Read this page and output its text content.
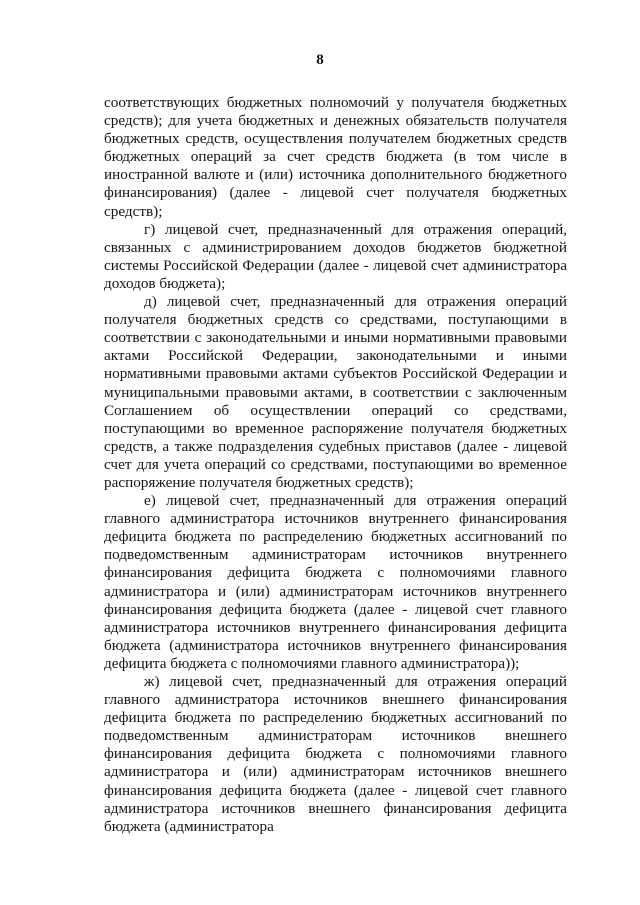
8

соответствующих бюджетных полномочий у получателя бюджетных средств); для учета бюджетных и денежных обязательств получателя бюджетных средств, осуществления получателем бюджетных средств бюджетных операций за счет средств бюджета (в том числе в иностранной валюте и (или) источника дополнительного бюджетного финансирования) (далее - лицевой счет получателя бюджетных средств);

г) лицевой счет, предназначенный для отражения операций, связанных с администрированием доходов бюджетов бюджетной системы Российской Федерации (далее - лицевой счет администратора доходов бюджета);

д) лицевой счет, предназначенный для отражения операций получателя бюджетных средств со средствами, поступающими в соответствии с законодательными и иными нормативными правовыми актами Российской Федерации, законодательными и иными нормативными правовыми актами субъектов Российской Федерации и муниципальными правовыми актами, в соответствии с заключенным Соглашением об осуществлении операций со средствами, поступающими во временное распоряжение получателя бюджетных средств, а также подразделения судебных приставов (далее - лицевой счет для учета операций со средствами, поступающими во временное распоряжение получателя бюджетных средств);

е) лицевой счет, предназначенный для отражения операций главного администратора источников внутреннего финансирования дефицита бюджета по распределению бюджетных ассигнований по подведомственным администраторам источников внутреннего финансирования дефицита бюджета с полномочиями главного администратора и (или) администраторам источников внутреннего финансирования дефицита бюджета (далее - лицевой счет главного администратора источников внутреннего финансирования дефицита бюджета (администратора источников внутреннего финансирования дефицита бюджета с полномочиями главного администратора));

ж) лицевой счет, предназначенный для отражения операций главного администратора источников внешнего финансирования дефицита бюджета по распределению бюджетных ассигнований по подведомственным администраторам источников внешнего финансирования дефицита бюджета с полномочиями главного администратора и (или) администраторам источников внешнего финансирования дефицита бюджета (далее - лицевой счет главного администратора источников внешнего финансирования дефицита бюджета (администратора
